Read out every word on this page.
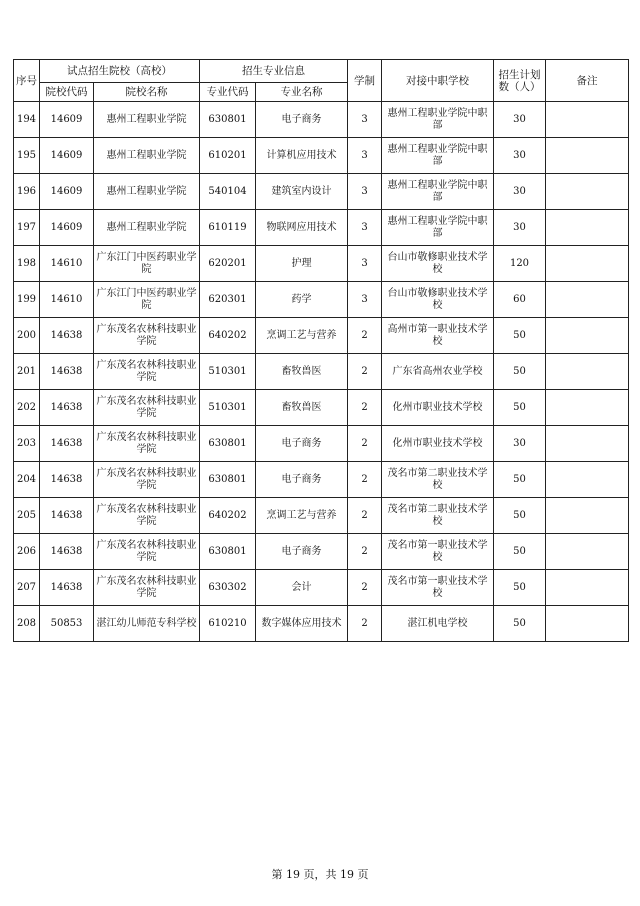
序号	试点招生院校（高校）		招生专业信息		学制	对接中职学校	招生计划数（人）	备注
	院校代码	院校名称	专业代码	专业名称				
194	14609	惠州工程职业学院	630801	电子商务	3	惠州工程职业学院中职部	30	
195	14609	惠州工程职业学院	610201	计算机应用技术	3	惠州工程职业学院中职部	30	
196	14609	惠州工程职业学院	540104	建筑室内设计	3	惠州工程职业学院中职部	30	
197	14609	惠州工程职业学院	610119	物联网应用技术	3	惠州工程职业学院中职部	30	
198	14610	广东江门中医药职业学院	620201	护理	3	台山市敬修职业技术学校	120	
199	14610	广东江门中医药职业学院	620301	药学	3	台山市敬修职业技术学校	60	
200	14638	广东茂名农林科技职业学院	640202	烹调工艺与营养	2	高州市第一职业技术学校	50	
201	14638	广东茂名农林科技职业学院	510301	畜牧兽医	2	广东省高州农业学校	50	
202	14638	广东茂名农林科技职业学院	510301	畜牧兽医	2	化州市职业技术学校	50	
203	14638	广东茂名农林科技职业学院	630801	电子商务	2	化州市职业技术学校	30	
204	14638	广东茂名农林科技职业学院	630801	电子商务	2	茂名市第二职业技术学校	50	
205	14638	广东茂名农林科技职业学院	640202	烹调工艺与营养	2	茂名市第二职业技术学校	50	
206	14638	广东茂名农林科技职业学院	630801	电子商务	2	茂名市第一职业技术学校	50	
207	14638	广东茂名农林科技职业学院	630302	会计	2	茂名市第一职业技术学校	50	
208	50853	湛江幼儿师范专科学校	610210	数字媒体应用技术	2	湛江机电学校	50	
第 19 页，共 19 页
